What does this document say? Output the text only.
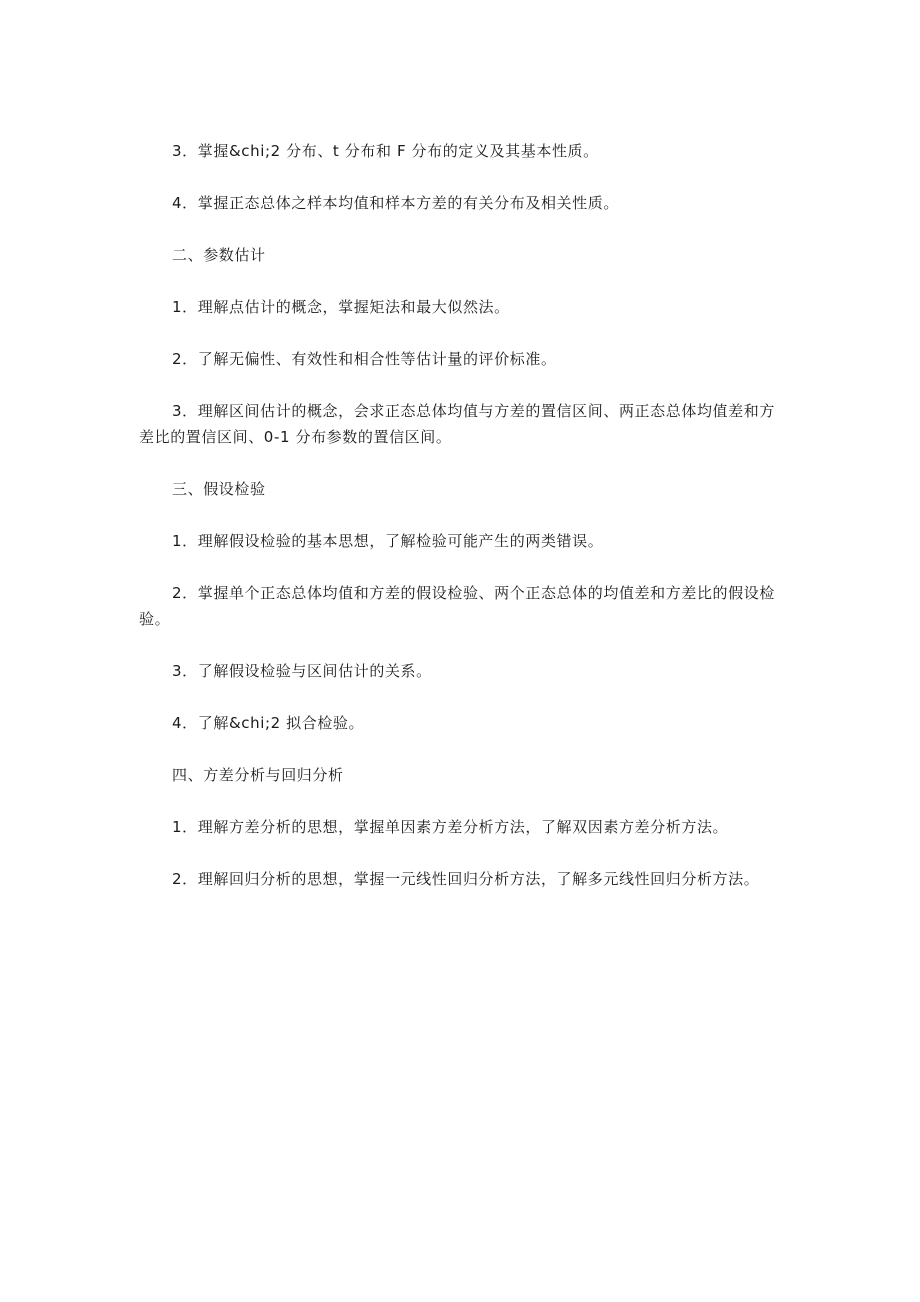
3．掌握&chi;2 分布、t 分布和 F 分布的定义及其基本性质。

4．掌握正态总体之样本均值和样本方差的有关分布及相关性质。

二、参数估计

1．理解点估计的概念，掌握矩法和最大似然法。

2．了解无偏性、有效性和相合性等估计量的评价标准。

3．理解区间估计的概念，会求正态总体均值与方差的置信区间、两正态总体均值差和方差比的置信区间、0-1 分布参数的置信区间。

三、假设检验

1．理解假设检验的基本思想，了解检验可能产生的两类错误。

2．掌握单个正态总体均值和方差的假设检验、两个正态总体的均值差和方差比的假设检验。

3．了解假设检验与区间估计的关系。

4．了解&chi;2 拟合检验。

四、方差分析与回归分析

1．理解方差分析的思想，掌握单因素方差分析方法，了解双因素方差分析方法。

2．理解回归分析的思想，掌握一元线性回归分析方法，了解多元线性回归分析方法。
